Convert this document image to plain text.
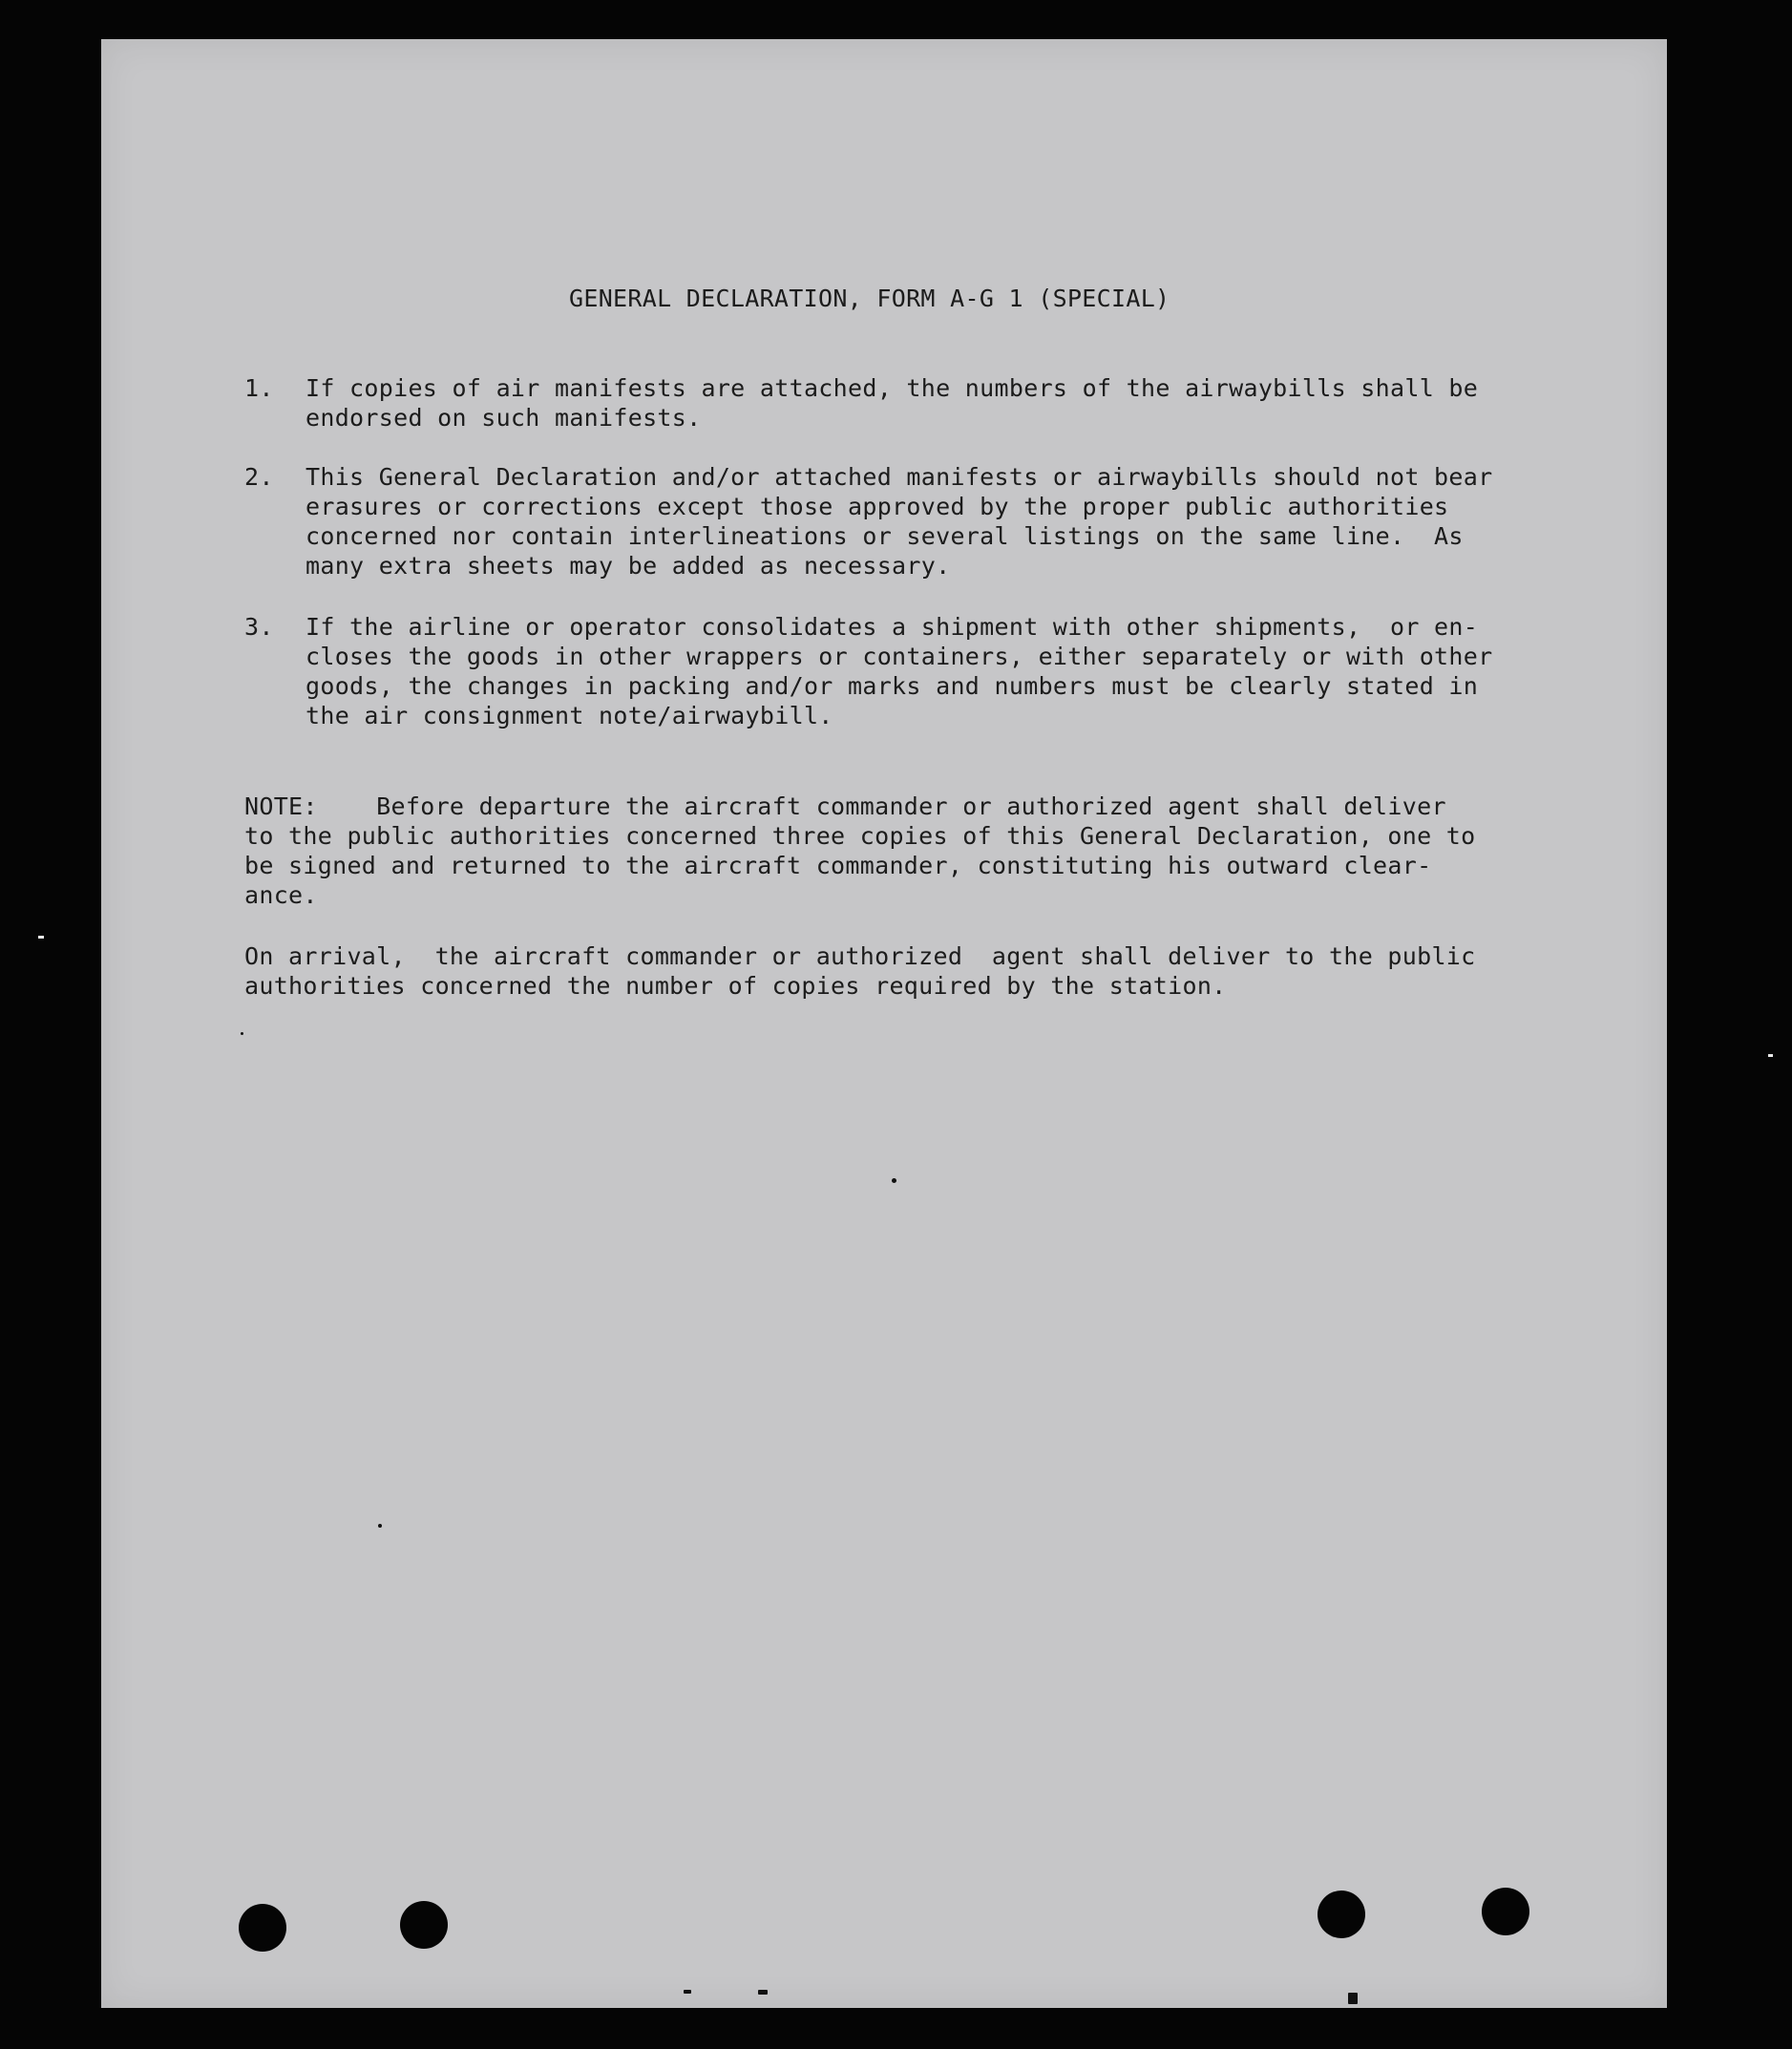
GENERAL DECLARATION, FORM A-G 1 (SPECIAL)

1.

If copies of air manifests are attached, the numbers of the airwaybills shall be
endorsed on such manifests.

2.

This General Declaration and/or attached manifests or airwaybills should not bear
erasures or corrections except those approved by the proper public authorities
concerned nor contain interlineations or several listings on the same line.  As
many extra sheets may be added as necessary.

3.

If the airline or operator consolidates a shipment with other shipments,  or en-
closes the goods in other wrappers or containers, either separately or with other
goods, the changes in packing and/or marks and numbers must be clearly stated in
the air consignment note/airwaybill.

NOTE:    Before departure the aircraft commander or authorized agent shall deliver
to the public authorities concerned three copies of this General Declaration, one to
be signed and returned to the aircraft commander, constituting his outward clear-
ance.
On arrival,  the aircraft commander or authorized  agent shall deliver to the public
authorities concerned the number of copies required by the station.
